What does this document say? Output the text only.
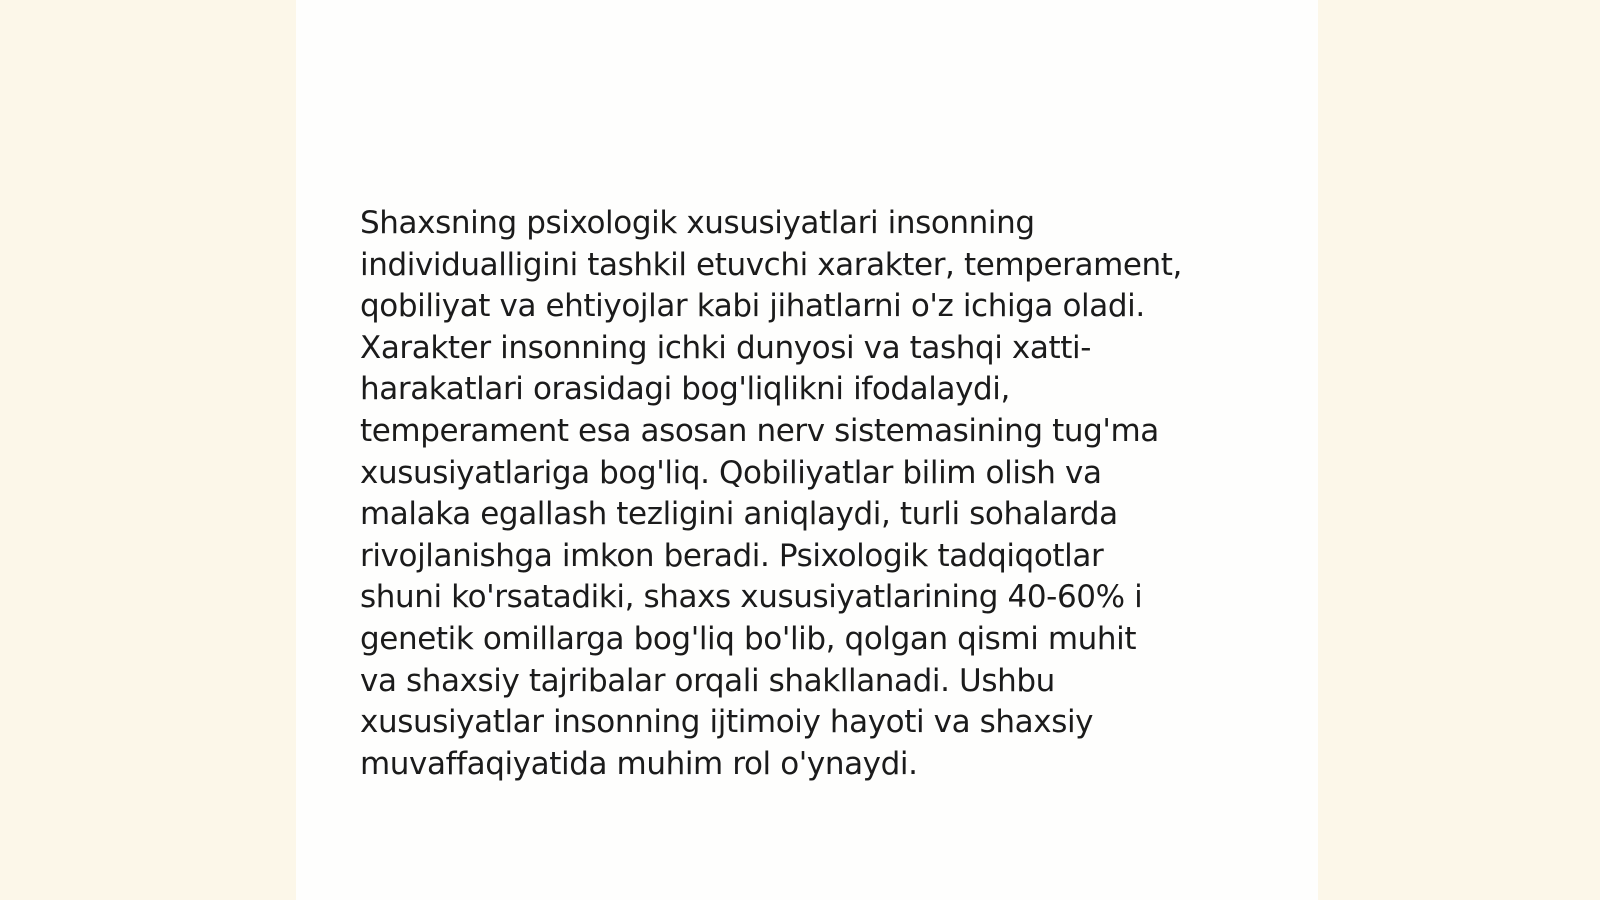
Shaxsning psixologik xususiyatlari insonning
individualligini tashkil etuvchi xarakter, temperament,
qobiliyat va ehtiyojlar kabi jihatlarni o'z ichiga oladi.
Xarakter insonning ichki dunyosi va tashqi xatti-
harakatlari orasidagi bog'liqlikni ifodalaydi,
temperament esa asosan nerv sistemasining tug'ma
xususiyatlariga bog'liq. Qobiliyatlar bilim olish va
malaka egallash tezligini aniqlaydi, turli sohalarda
rivojlanishga imkon beradi. Psixologik tadqiqotlar
shuni ko'rsatadiki, shaxs xususiyatlarining 40-60% i
genetik omillarga bog'liq bo'lib, qolgan qismi muhit
va shaxsiy tajribalar orqali shakllanadi. Ushbu
xususiyatlar insonning ijtimoiy hayoti va shaxsiy
muvaffaqiyatida muhim rol o'ynaydi.
